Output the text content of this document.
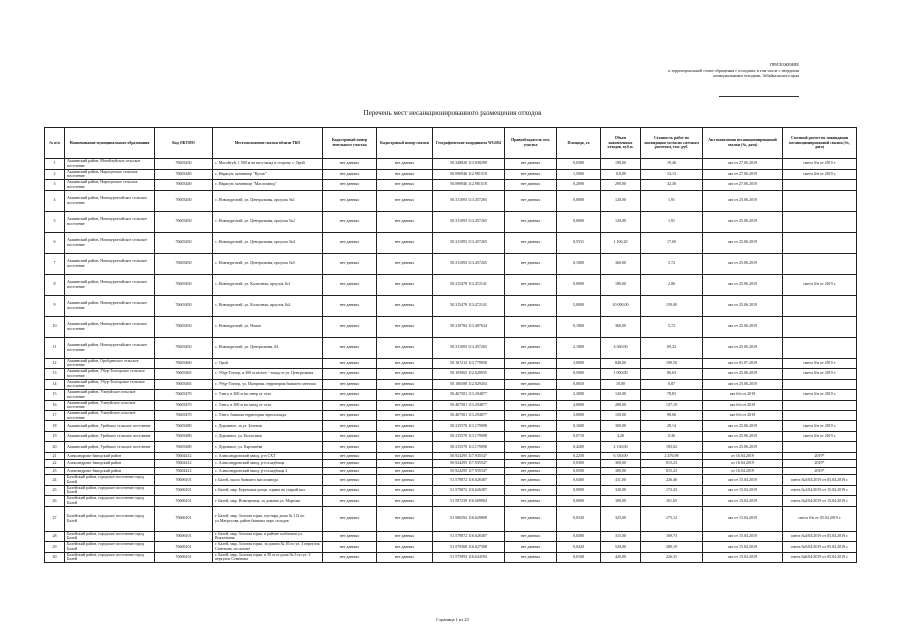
ПРИЛОЖЕНИЕ
к территориальной схеме обращения с отходами, в том числе с твердыми
коммунальными отходами, Забайкальского края
Перечень мест несанкционированного размещения отходов
№ п/п	Наименование муниципального образования	Код ОКТМО	Местоположение свалки вблизи ТКО	Кадастровый номер земельного участка	Кадастровый номер свалки	Географические координаты WGS84	Правообладатель зем. участка	Площадь, га	Объем накопленных отходов, куб.м.	Стоимость работ по ликвидации согласно сметным расчетам, тыс. руб.	Акт выявления несанкционированной свалки (№, дата)	Сметный расчет по ликвидации несанкционированной свалки (№, дата)
1	Акшинский район, Могойтуйское сельское поселение	76603430	с. Могойтуй, 1 500 м на юго-запад в сторону с. Орой	нет данных	нет данных	50.348820 113.838299	нет данных	0,0300	190,00	19,46	акт от 27.06.2019	смета б/н от 2019 г.
2	Акшинский район, Нарасунское сельское поселение	76603440	с. Нарасун, мочевище "Куток"	нет данных	нет данных	50.090946 112.981518	нет данных	1,5000	110,00	14,13	акт от 27.06.2019	смета б/н от 2019 г.
3	Акшинский район, Нарасунское сельское поселение	76603440	с. Нарасун, мочевище "Маслозавод"	нет данных	нет данных	50.090946 112.981518	нет данных	0,2000	290,00	32,30	акт от 27.06.2019	
4	Акшинский район, Новокургатайское сельское поселение	76603450	с. Новокургатай, ул. Центральная, проулок №1	нет данных	нет данных	50.311093 113.457265	нет данных	0,0800	120,00	1,91	акт от 25.06.2019	
5	Акшинский район, Новокургатайское сельское поселение	76603450	с. Новокургатай, ул. Центральная, проулок №2	нет данных	нет данных	50.311093 113.457265	нет данных	0,0600	120,00	1,91	акт от 25.06.2019	
6	Акшинский район, Новокургатайское сельское поселение	76603450	с. Новокургатай, ул. Центральная, проулок №4	нет данных	нет данных	50.311093 113.457265	нет данных	0,5531	1 106,20	17,60	акт от 25.06.2019	
7	Акшинский район, Новокургатайское сельское поселение	76603450	с. Новокургатай, ул. Центральная, проулок №5	нет данных	нет данных	50.311093 113.457265	нет данных	0,1800	360,00	5,72	акт от 25.06.2019	
8	Акшинский район, Новокургатайское сельское поселение	76603450	с. Новокургатай, ул. Колхозная, проулок №1	нет данных	нет данных	50.315478 113.472141	нет данных	0,0900	180,00	2,86	акт от 25.06.2019	смета б/н от 2019 г.
9	Акшинский район, Новокургатайское сельское поселение	76603450	с. Новокургатай, ул. Колхозная, проулок №2	нет данных	нет данных	50.315478 113.472141	нет данных	5,0000	10 000,00	159,00	акт от 25.06.2019	
10	Акшинский район, Новокургатайское сельское поселение	76603450	с. Новокургатай, ул. Новая	нет данных	нет данных	50.310784 113.487634	нет данных	0,1800	360,00	5,72	акт от 25.06.2019	
11	Акшинский район, Новокургатайское сельское поселение	76603450	с. Новокургатай, ул. Центральная, 64	нет данных	нет данных	50.311093 113.457265	нет данных	2,1800	4 360,00	69,32	акт от 25.06.2019	
12	Акшинский район, Оробдинское сельское поселение	76603460	с. Орой	нет данных	нет данных	50.167212 113.779058	нет данных	3,0000	840,00	199,50	акт от 01.07.2019	смета б/н от 2019 г.
13	Акшинский район, Убур-Тохторское сельское поселение	76603465	с. Убур-Тохтор, в 300 м на юго - запад от ул. Центральная	нет данных	нет данных	50.103065 112.028035	нет данных	0,5000	1 000,00	86,63	акт от 25.06.2019	смета б/н от 2019 г.
14	Акшинский район, Убур-Тохторское сельское поселение	76603465	с. Убур-Тохтор, ул. Нагорная, территория бывшего мехтока	нет данных	нет данных	50.106588 112.029454	нет данных	0,0650	10,00	0,87	акт от 25.06.2019	
15	Акшинский район, Улятуйское сельское поселение	76603470	с. Тэнгэ, в 300 м на север от села	нет данных	нет данных	50.467581 113.294877	нет данных	2,3000	120,00	78,83	акт б/н от 2019	смета б/н от 2019 г.
16	Акшинский район, Улятуйское сельское поселение	76603470	с. Тэнгэ, в 300 м на запад от села	нет данных	нет данных	50.467581 113.294877	нет данных	4,0000	280,00	137,19	акт б/н от 2019	
17	Акшинский район, Улятуйское сельское поселение	76603470	с. Тэнгэ, бывшая территория зерносклада	нет данных	нет данных	50.467581 113.294877	нет данных	3,0000	150,00	98,06	акт б/н от 2019	
18	Акшинский район, Урейское сельское поселение	76603480	с. Дорожное, за ул. Зеленая	нет данных	нет данных	50.315570 113.179098	нет данных	0,1600	300,00	28,14	акт от 25.06.2019	смета б/н от 2019 г.
19	Акшинский район, Урейское сельское поселение	76603480	с. Дорожное, ул. Колхозная	нет данных	нет данных	50.315570 113.179098	нет данных	0,0710	4,20	0,36	акт от 25.06.2019	смета б/н от 2019 г.
20	Акшинский район, Урейское сельское поселение	76603480	с. Дорожное, ул. Карташёва	нет данных	нет данных	50.315570 113.179098	нет данных	0,4200	2 130,00	183,02	акт от 25.06.2019	
21	Александрово-Заводский район	76604412	с. Александровский завод, р-н СХТ	нет данных	нет данных	50.924295 117.935547	нет данных	0,2250	6 350,00	2 476,98	от 16.04.2019	2019*
22	Александрово-Заводский район	76604412	с. Александровский завод, р-н кладбища	нет данных	нет данных	50.924295 117.935547	нет данных	0,0300	300,00	815,23	от 16.04.2019	2019*
23	Александрово-Заводский район	76604412	с. Александровский завод, р-н кладбища 2	нет данных	нет данных	50.924295 117.935547	нет данных	0,0500	300,00	815,23	от 16.04.2019	2019*
24	Балейский район, городское поселение город Балей	76606101	г. Балей, около бывшего маслозавода	нет данных	нет данных	51.579872 116.626387	нет данных	0,0400	411,00	226,46	акт от 15.04.2019	смета №3/04/2019 от 05.04.2019 г.
25	Балейский район, городское поселение город Балей	76606101	г. Балей, мкр. Березовые рощи, справа на старый вал	нет данных	нет данных	51.579872 116.626387	нет данных	0,0900	320,00	172,43	акт от 15.04.2019	смета №1/04/2019 от 15.04.2019 г.
26	Балейский район, городское поселение город Балей	76606101	г. Балей, мкр. Новотроицк, за домами ул. Мартова	нет данных	нет данных	51.597239 116.609804	нет данных	0,0600	300,00	161,65	акт от 15.04.2019	смета №2/04/2019 от 15.04.2019 г.
27	Балейский район, городское поселение город Балей	76606101	г. Балей, мкр. Золотая горка, пустырь дома № 112 по ул.Матросова, район бывших пирс складов	нет данных	нет данных	51.586592 116.629808	нет данных	0,0320	325,00	175,12	акт от 15.04.2019	смета б/н от 05.04.2019 г.
28	Балейский район, городское поселение город Балей	76606101	г. Балей, мкр. Золотая горка, в районе хозблоков ул. Вокзальная	нет данных	нет данных	51.579872 116.626387	нет данных	0,0380	315,00	169,73	акт от 15.04.2019	смета №4/04/2019 от 05.04.2019 г.
29	Балейский район, городское поселение город Балей	76606101	г. Балей, мкр. Золотая горка, за домом № 10 по ул. 3 переулок Семенова, на склоне	нет данных	нет данных	51.570368 116.627308	нет данных	0,0420	520,00	280,19	акт от 15.04.2019	смета №5/04/2019 от 05.04.2019 г.
30	Балейский район, городское поселение город Балей	76606101	г. Балей, мкр. Золотая горка, в 50 м от дома № 5 по ул. 3 переулок Семенова	нет данных	нет данных	51.575993 116.634594	нет данных	0,0168	420,00	226,31	акт от 15.04.2019	смета №6/04/2019 от 05.04.2019 г.
Страница 1 из 23
